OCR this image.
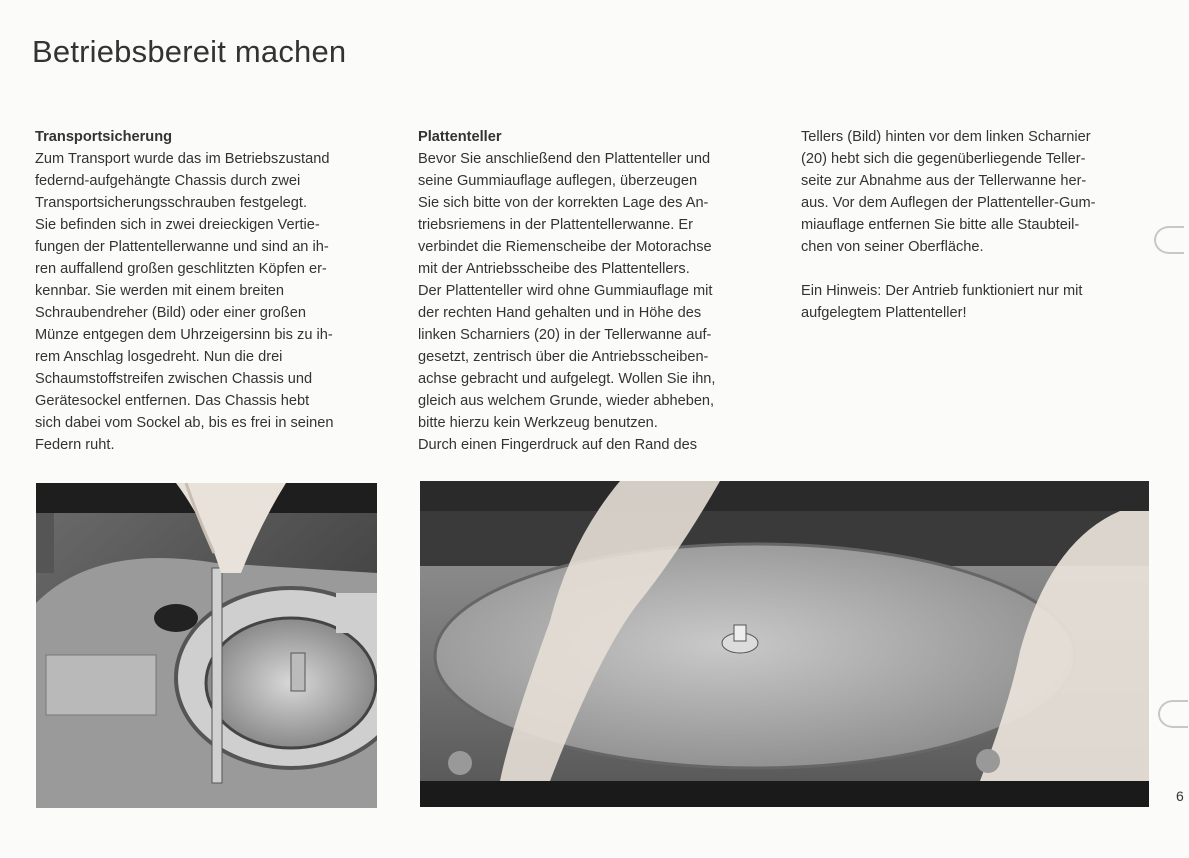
Betriebsbereit machen
Transportsicherung
Zum Transport wurde das im Betriebszustand
federnd-aufgehängte Chassis durch zwei
Transportsicherungsschrauben festgelegt.
Sie befinden sich in zwei dreieckigen Vertie-
fungen der Plattentellerwanne und sind an ih-
ren auffallend großen geschlitzten Köpfen er-
kennbar. Sie werden mit einem breiten
Schraubendreher (Bild) oder einer großen
Münze entgegen dem Uhrzeigersinn bis zu ih-
rem Anschlag losgedreht. Nun die drei
Schaumstoffstreifen zwischen Chassis und
Gerätesockel entfernen. Das Chassis hebt
sich dabei vom Sockel ab, bis es frei in seinen
Federn ruht.
Plattenteller
Bevor Sie anschließend den Plattenteller und
seine Gummiauflage auflegen, überzeugen
Sie sich bitte von der korrekten Lage des An-
triebsriemens in der Plattentellerwanne. Er
verbindet die Riemenscheibe der Motorachse
mit der Antriebsscheibe des Plattentellers.
Der Plattenteller wird ohne Gummiauflage mit
der rechten Hand gehalten und in Höhe des
linken Scharniers (20) in der Tellerwanne auf-
gesetzt, zentrisch über die Antriebsscheiben-
achse gebracht und aufgelegt. Wollen Sie ihn,
gleich aus welchem Grunde, wieder abheben,
bitte hierzu kein Werkzeug benutzen.
Durch einen Fingerdruck auf den Rand des
Tellers (Bild) hinten vor dem linken Scharnier
(20) hebt sich die gegenüberliegende Teller-
seite zur Abnahme aus der Tellerwanne her-
aus. Vor dem Auflegen der Plattenteller-Gum-
miauflage entfernen Sie bitte alle Staubteil-
chen von seiner Oberfläche.
Ein Hinweis: Der Antrieb funktioniert nur mit
aufgelegtem Plattenteller!
6
